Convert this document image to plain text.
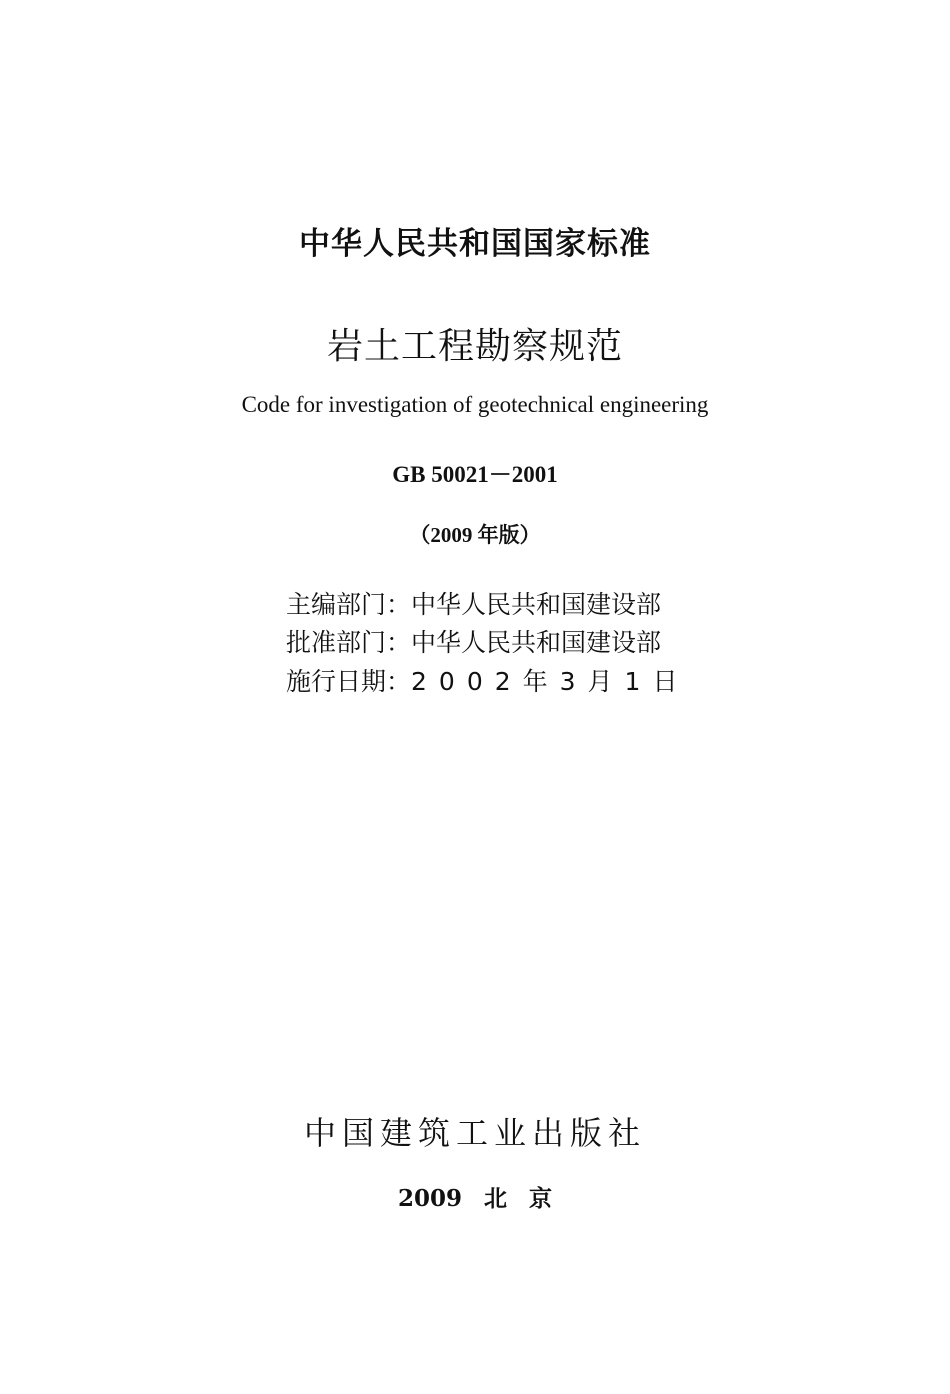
中华人民共和国国家标准
岩土工程勘察规范
Code for investigation of geotechnical engineering
GB 50021－2001
（2009 年版）
主编部门：中华人民共和国建设部
批准部门：中华人民共和国建设部
施行日期：2002年3月1日
中国建筑工业出版社
2009 北 京
